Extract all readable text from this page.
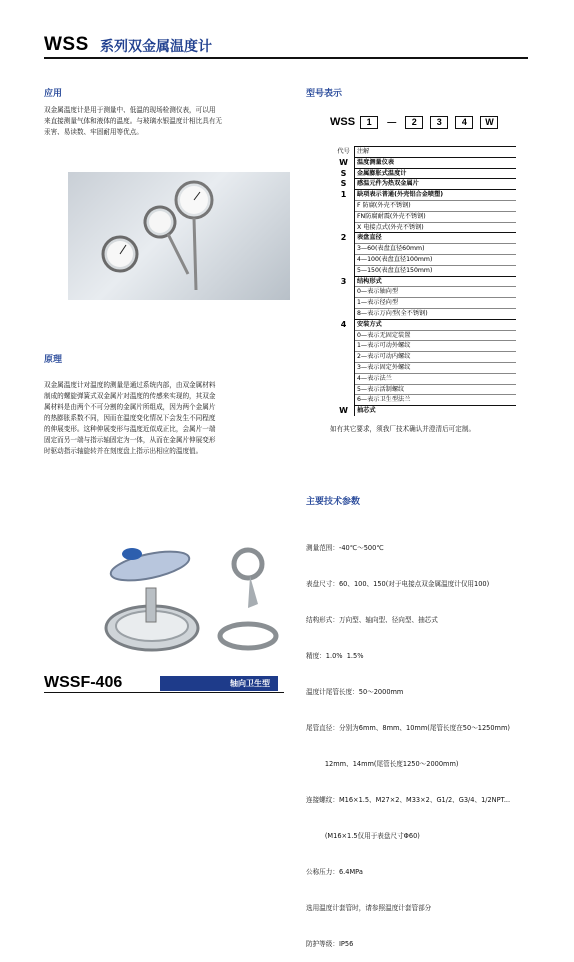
WSS 系列双金属温度计
应用
双金属温度计是用于测量中、低温的现场检测仪表，可以用
来直接测量气体和液体的温度。与玻璃水银温度计相比具有无
汞害、易读数、牢固耐用等优点。
原理
双金属温度计对温度的测量是通过系统内部，由双金属材料
制成的螺旋弹簧式双金属片对温度的传感来实现的，其双金
属材料是由两个不可分割的金属片所组成，因为两个金属片
的热膨胀系数不同，因而在温度变化情况下会发生不同程度
的伸展变形。这种伸展变形与温度近似成正比，会属片一端
固定而另一端与指示轴固定为一体，从而在金属片伸展变形
时驱动指示轴旋转并在刻度盘上指示出相应的温度值。
型号表示
WSS 1 — 2 3 4 W
代号	注解
W	温度测量仪表
S	金属膨胀式温度计
S	感温元件为热双金属片
1	缺项表示普通(外壳铝合金喷塑)
	F 防腐(外壳不锈钢)
	FN防腐耐震(外壳不锈钢)
	X 电接点式(外壳不锈钢)
2	表盘直径
	3—60(表盘直径60mm)
	4—100(表盘直径100mm)
	5—150(表盘直径150mm)
3	结构形式
	0—表示轴向型
	1—表示径向型
	8—表示万向型(全不锈钢)
4	安装方式
	0—表示无固定装置
	1—表示可动外螺纹
	2—表示可动内螺纹
	3—表示固定外螺纹
	4—表示法兰
	5—表示活制螺纹
	6—表示卫生型法兰
W	抽芯式
如有其它要求，须我厂技术确认并澄清后可定制。
主要技术参数

测量范围：-40℃～500℃

表盘尺寸：60、100、150(对于电接点双金属温度计仅用100)

结构形式：万向型、轴向型、径向型、抽芯式

精度：1.0%  1.5%

温度计尾管长度：50～2000mm

尾管直径：分别为6mm、8mm、10mm(尾管长度在50～1250mm)

12mm、14mm(尾管长度1250～2000mm)

连接螺纹：M16×1.5、M27×2、M33×2、G1/2、G3/4、1/2NPT...

(M16×1.5仅用于表盘尺寸Φ60)

公称压力：6.4MPa

选用温度计套管时，请参照温度计套管部分

防护等级：IP56

WSSF-406	轴向卫生型
